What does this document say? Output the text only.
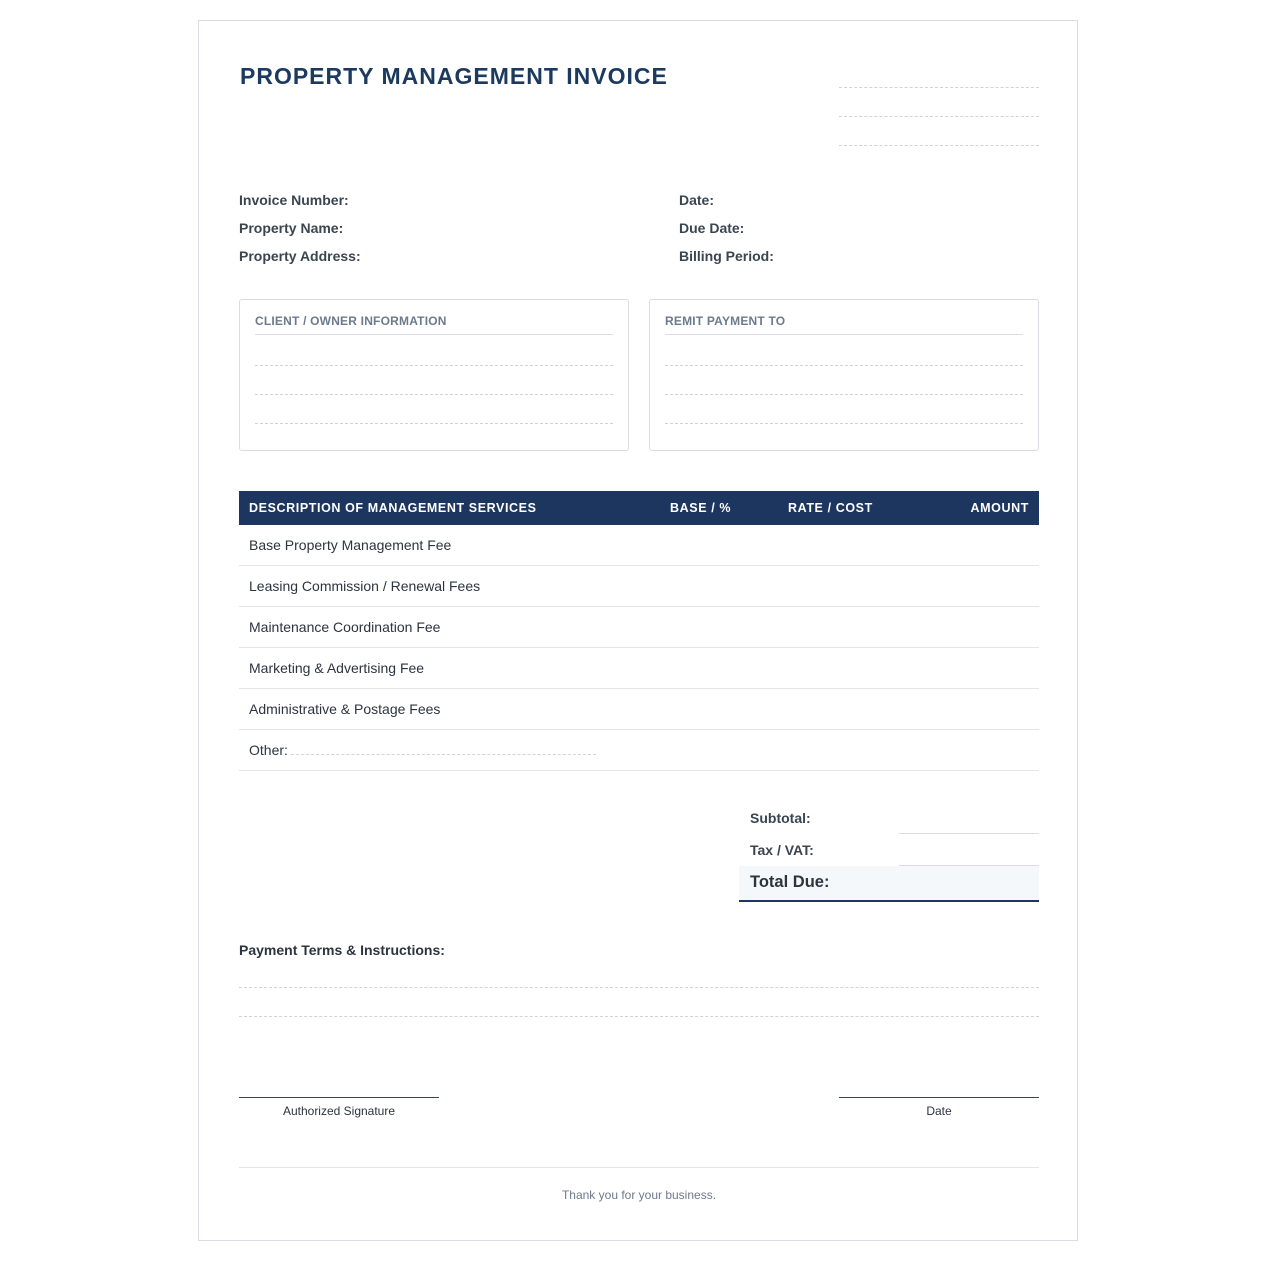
PROPERTY MANAGEMENT INVOICE
Invoice Number:
Property Name:
Property Address:
Date:
Due Date:
Billing Period:
CLIENT / OWNER INFORMATION	REMIT PAYMENT TO
DESCRIPTION OF MANAGEMENT SERVICES	BASE / %	RATE / COST	AMOUNT
Base Property Management Fee
Leasing Commission / Renewal Fees
Maintenance Coordination Fee
Marketing & Advertising Fee
Administrative & Postage Fees
Other:
Subtotal:
Tax / VAT:
Total Due:
Payment Terms & Instructions:
Authorized Signature	Date
Thank you for your business.
